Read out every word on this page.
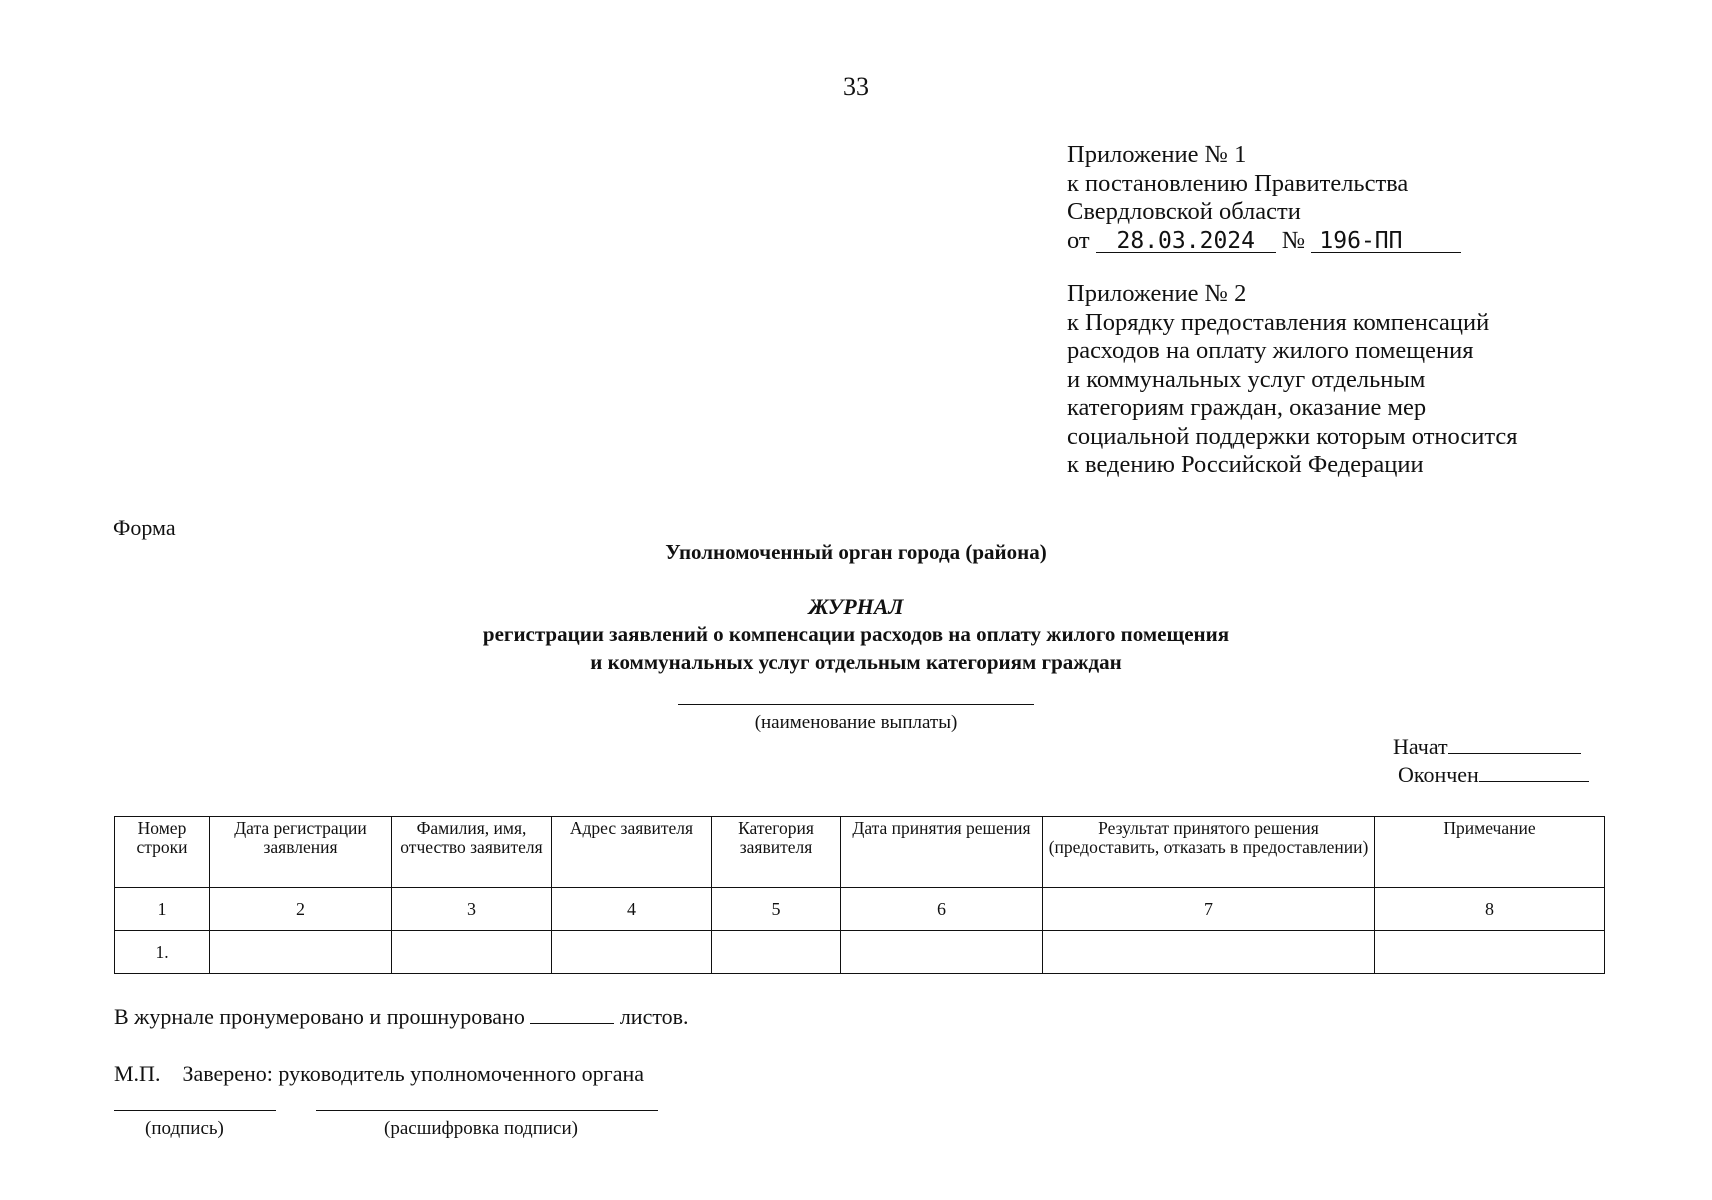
33
Приложение № 1
к постановлению Правительства
Свердловской области
от 28.03.2024 № 196-ПП
Приложение № 2
к Порядку предоставления компенсаций
расходов на оплату жилого помещения
и коммунальных услуг отдельным
категориям граждан, оказание мер
социальной поддержки которым относится
к ведению Российской Федерации
Форма
Уполномоченный орган города (района)
ЖУРНАЛ
регистрации заявлений о компенсации расходов на оплату жилого помещения
и коммунальных услуг отдельным категориям граждан
(наименование выплаты)
Начат
Окончен
Номер строки	Дата регистрации заявления	Фамилия, имя, отчество заявителя	Адрес заявителя	Категория заявителя	Дата принятия решения	Результат принятого решения (предоставить, отказать в предоставлении)	Примечание
1	2	3	4	5	6	7	8
1.							
В журнале пронумеровано и прошнуровано	листов.
М.П. Заверено: руководитель уполномоченного органа
(подпись)	(расшифровка подписи)
